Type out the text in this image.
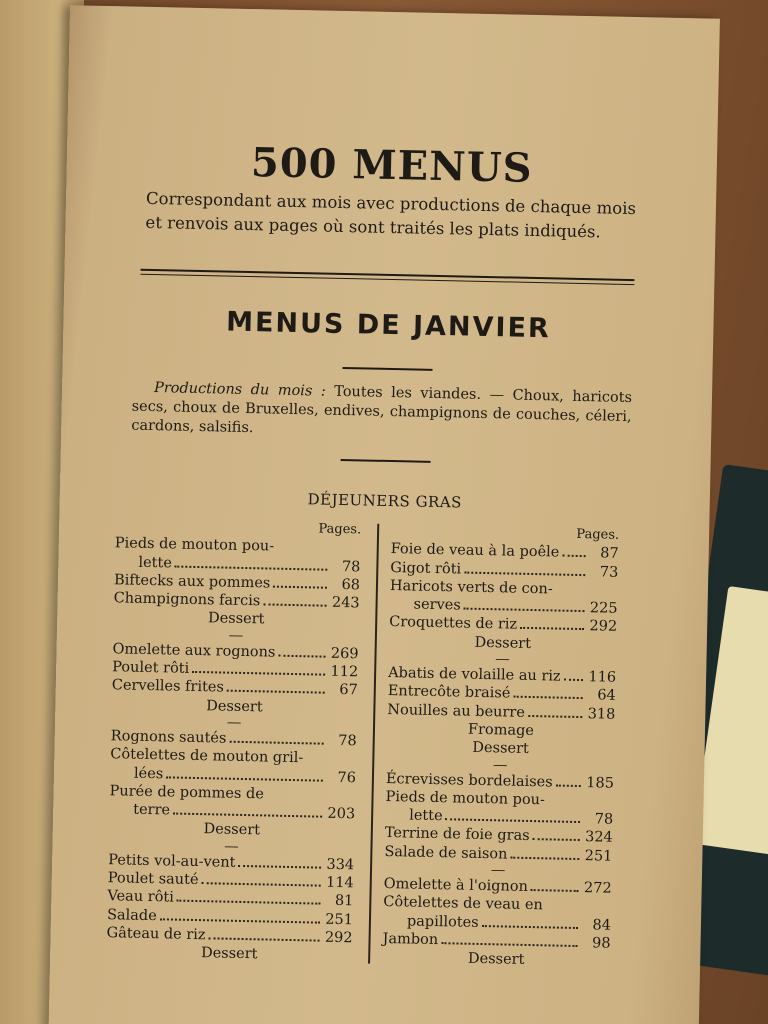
500 MENUS
Correspondant aux mois avec productions de chaque mois et renvois aux pages où sont traités les plats indiqués.
MENUS DE JANVIER
Productions du mois : Toutes les viandes. — Choux, haricots secs, choux de Bruxelles, endives, champignons de couches, céleri, cardons, salsifis.
DÉJEUNERS GRAS
Pages.
Pieds de mouton pou-
lette	78
Biftecks aux pommes	68
Champignons farcis	243
Dessert
—
Omelette aux rognons	269
Poulet rôti	112
Cervelles frites	67
Dessert
—
Rognons sautés	78
Côtelettes de mouton gril-
lées	76
Purée de pommes de
terre	203
Dessert
—
Petits vol-au-vent	334
Poulet sauté	114
Veau rôti	81
Salade	251
Gâteau de riz	292
Dessert
Pages.
Foie de veau à la poêle	87
Gigot rôti	73
Haricots verts de con-
serves	225
Croquettes de riz	292
Dessert
—
Abatis de volaille au riz 116
Entrecôte braisé	64
Nouilles au beurre	318
Fromage
Dessert
—
Écrevisses bordelaises 185
Pieds de mouton pou-
lette	78
Terrine de foie gras	324
Salade de saison	251
—
Omelette à l'oignon	272
Côtelettes de veau en
papillotes	84
Jambon	98
Dessert
